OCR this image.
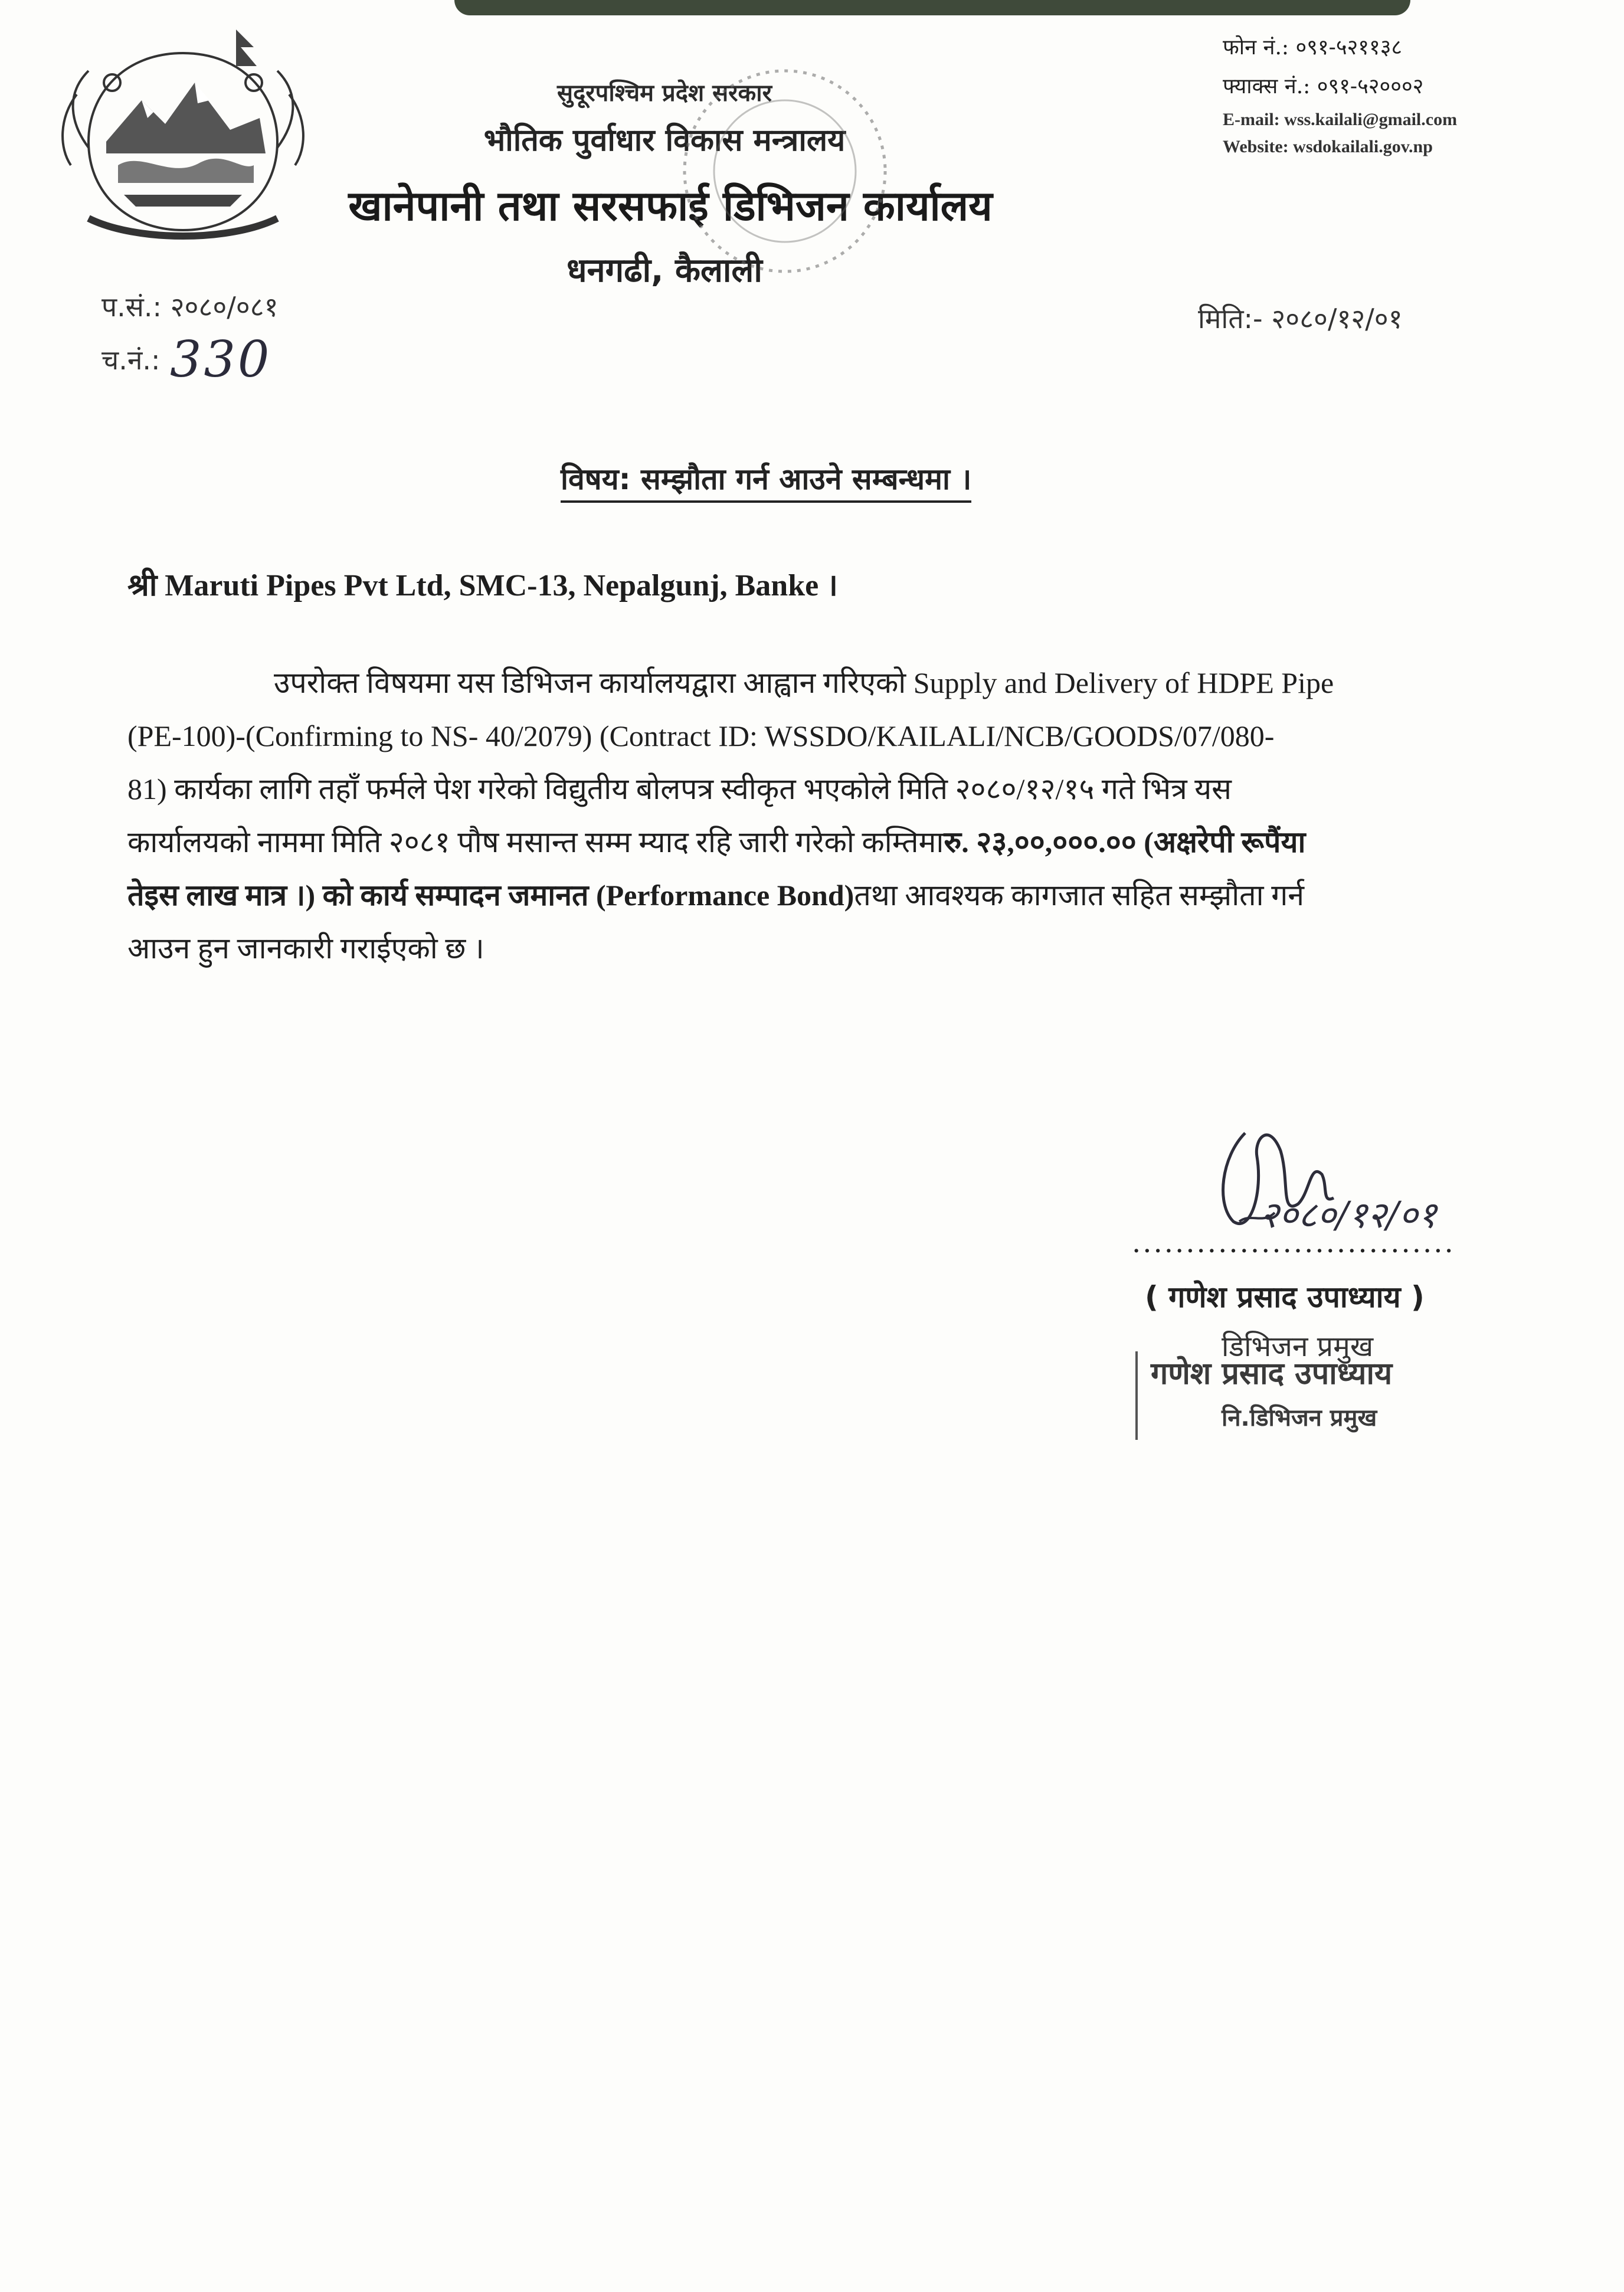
फोन नं.: ०९१-५२११३८
फ्याक्स नं.: ०९१-५२०००२
E-mail: wss.kailali@gmail.com
Website: wsdokailali.gov.np
सुदूरपश्चिम प्रदेश सरकार
भौतिक पुर्वाधार विकास मन्त्रालय
खानेपानी तथा सरसफाई डिभिजन कार्यालय
धनगढी, कैलाली
प.सं.: २०८०/०८१
च.नं.: 330
मिति:- २०८०/१२/०१
विषय: सम्झौता गर्न आउने सम्बन्धमा ।
श्री Maruti Pipes Pvt Ltd, SMC-13, Nepalgunj, Banke ।
उपरोक्त विषयमा यस डिभिजन कार्यालयद्वारा आह्वान गरिएको Supply and Delivery of HDPE Pipe
(PE-100)-(Confirming to NS- 40/2079) (Contract ID: WSSDO/KAILALI/NCB/GOODS/07/080-
81) कार्यका लागि तहाँ फर्मले पेश गरेको विद्युतीय बोलपत्र स्वीकृत भएकोले मिति २०८०/१२/१५ गते भित्र यस
कार्यालयको नाममा मिति २०८१ पौष मसान्त सम्म म्याद रहि जारी गरेको कम्तिमा रु. २३,००,०००.०० (अक्षरेपी रूपैंया
तेइस लाख मात्र ।) को कार्य सम्पादन जमानत (Performance Bond) तथा आवश्यक कागजात सहित सम्झौता गर्न
आउन हुन जानकारी गराईएको छ ।
२०८०/१२/०१
..............................
( गणेश प्रसाद उपाध्याय )
डिभिजन प्रमुख
गणेश प्रसाद उपाध्याय
नि.डिभिजन प्रमुख
